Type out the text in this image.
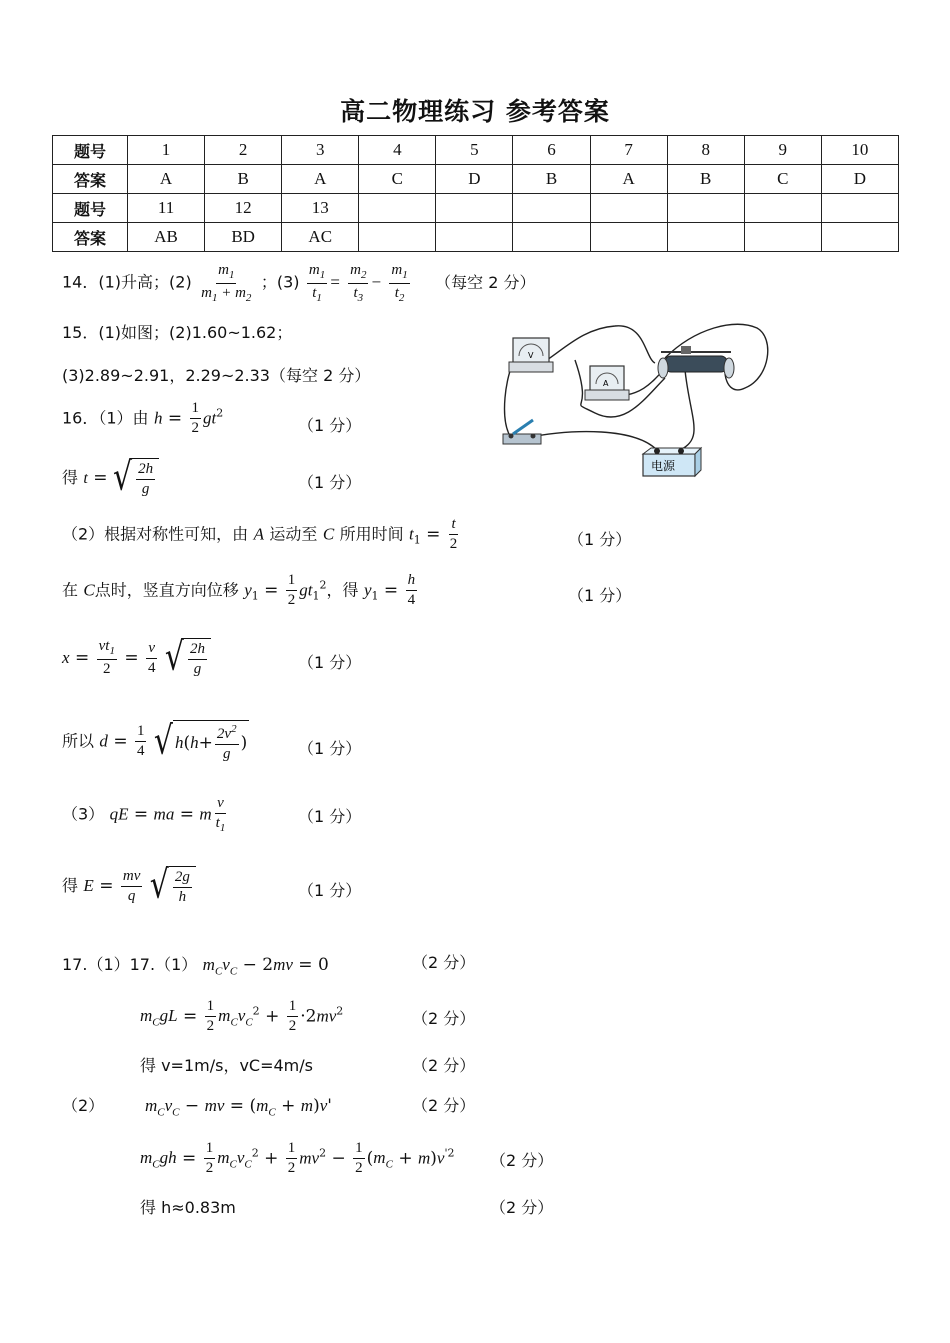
高二物理练习 参考答案
题号	1	2	3	4	5	6	7	8	9	10
答案	A	B	A	C	D	B	A	B	C	D
题号	11	12	13							
答案	AB	BD	AC							
14．(1)升高；$(2) \frac{m_1}{m_1 + m_2}$ ；$(3) \frac{m_1}{t_1} = \frac{m_2}{t_3} - \frac{m_1}{t_2}$ （每空 2 分）
15．(1)如图；(2)1.60~1.62；
(3)2.89~2.91，2.29~2.33（每空 2 分）
V
A
电源
16．（1）由 $h = \frac{1}{2} gt^2$
（1 分）
得 t = √ $\frac{2h}{g}$	（1 分）
（2）根据对称性可知，由 A 运动至 C 所用时间 $t_1 = \frac{t}{2}$	（1 分）
在 C点时，竖直方向位移 $y_1 = \frac{1}{2} gt_1^2$，得 $y_1 = \frac{h}{4}$	（1 分）
$x = \frac{vt_1}{2} = \frac{v}{4}$
√ $\frac{2h}{g}$	（1 分）
所以 $d = \frac{1}{4}$
√ h ( $h + \frac{2v^2}{g}$ )	（1 分）
（3） qE = ma = m $\frac{v}{t_1}$	（1 分）
得 $E = \frac{mv}{q}$
√ $\frac{2g}{h}$	（1 分）
17.（1）17.（1） $m_Cv_C - 2mv = 0$	（2 分）
$m_CgL = \frac{1}{2} m_Cv_C^2 + \frac{1}{2} \cdot 2mv^2$	（2 分）
得 v=1m/s，vC=4m/s	（2 分）
（2） $m_Cv_C$ − mv = $(m_C + m)v'$	（2 分）
$m_Cgh = \frac{1}{2} m_Cv_C^2 + \frac{1}{2} mv^2 - \frac{1}{2} (m_C + m)v^{'2}$ （2 分）
得 h≈0.83m	（2 分）
